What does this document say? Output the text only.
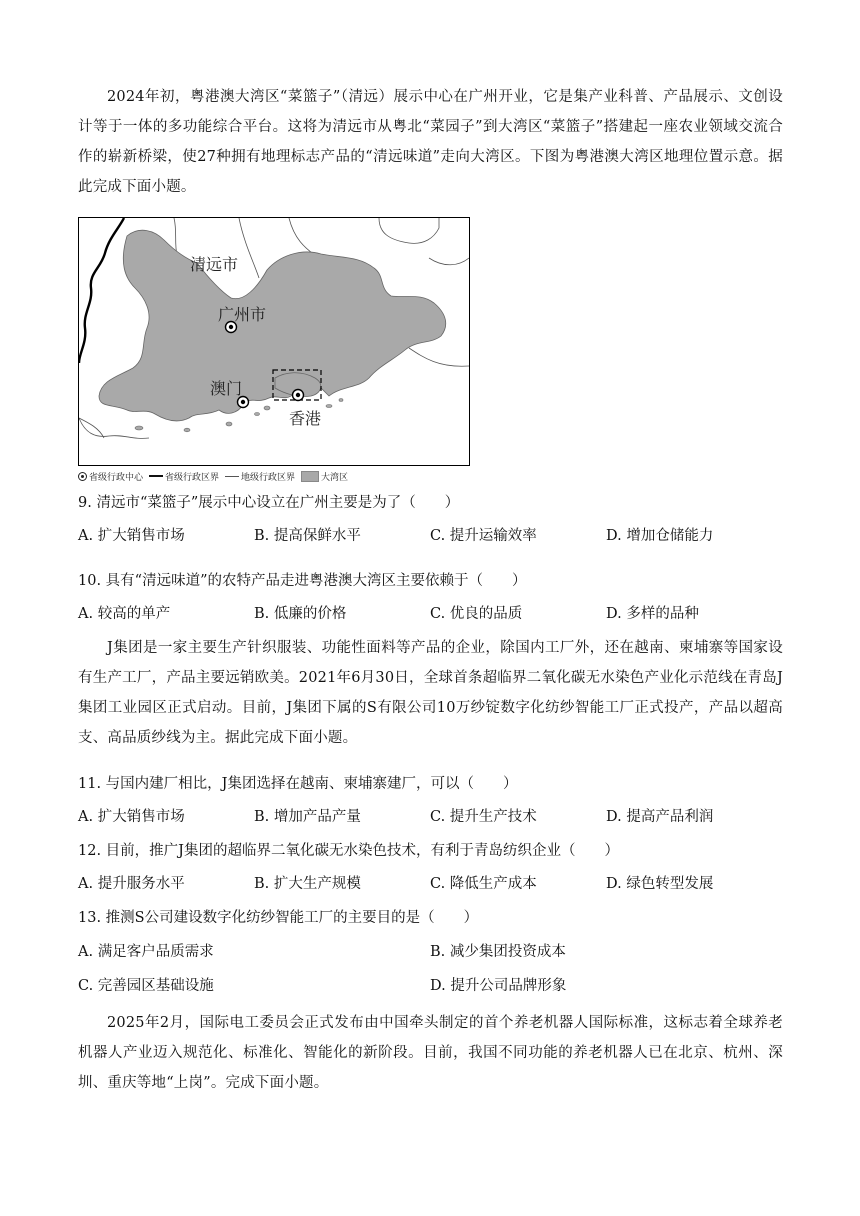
2024年初，粤港澳大湾区“菜篮子”（清远）展示中心在广州开业，它是集产业科普、产品展示、文创设计等于一体的多功能综合平台。这将为清远市从粤北“菜园子”到大湾区“菜篮子”搭建起一座农业领域交流合作的崭新桥梁，使27种拥有地理标志产品的“清远味道”走向大湾区。下图为粤港澳大湾区地理位置示意。据此完成下面小题。
清远市
广州市
澳门
香港
省级行政中心 省级行政区界 地级行政区界	大湾区
9. 清远市“菜篮子”展示中心设立在广州主要是为了（　　）
A. 扩大销售市场	B. 提高保鲜水平	C. 提升运输效率	D. 增加仓储能力
10. 具有“清远味道”的农特产品走进粤港澳大湾区主要依赖于（　　）
A. 较高的单产	B. 低廉的价格	C. 优良的品质	D. 多样的品种
J集团是一家主要生产针织服装、功能性面料等产品的企业，除国内工厂外，还在越南、柬埔寨等国家设有生产工厂，产品主要远销欧美。2021年6月30日，全球首条超临界二氧化碳无水染色产业化示范线在青岛J集团工业园区正式启动。目前，J集团下属的S有限公司10万纱锭数字化纺纱智能工厂正式投产，产品以超高支、高品质纱线为主。据此完成下面小题。
11. 与国内建厂相比，J集团选择在越南、柬埔寨建厂，可以（　　）
A. 扩大销售市场	B. 增加产品产量	C. 提升生产技术	D. 提高产品利润
12. 目前，推广J集团的超临界二氧化碳无水染色技术，有利于青岛纺织企业（　　）
A. 提升服务水平	B. 扩大生产规模	C. 降低生产成本	D. 绿色转型发展
13. 推测S公司建设数字化纺纱智能工厂的主要目的是（　　）
A. 满足客户品质需求	B. 减少集团投资成本
C. 完善园区基础设施	D. 提升公司品牌形象
2025年2月，国际电工委员会正式发布由中国牵头制定的首个养老机器人国际标准，这标志着全球养老机器人产业迈入规范化、标准化、智能化的新阶段。目前，我国不同功能的养老机器人已在北京、杭州、深圳、重庆等地“上岗”。完成下面小题。
